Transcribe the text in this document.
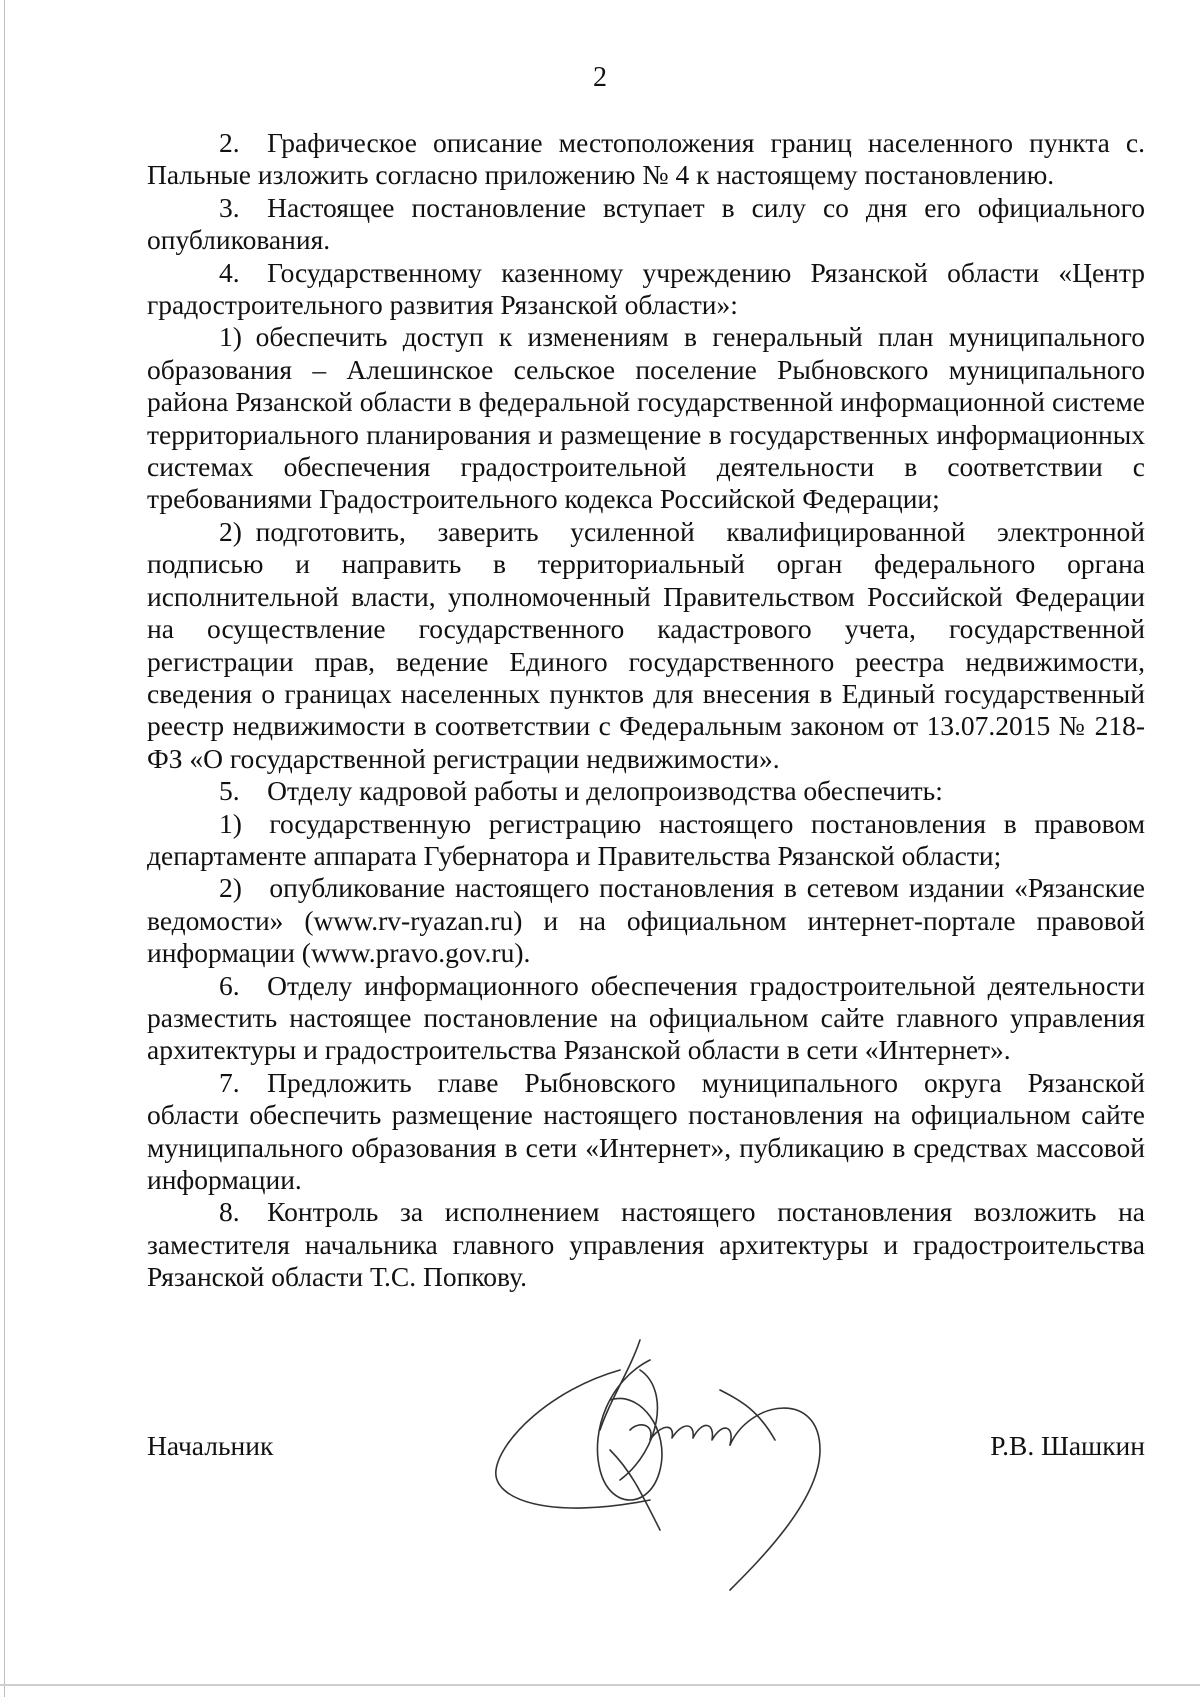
2

2. Графическое описание местоположения границ населенного пункта с. Пальные изложить согласно приложению № 4 к настоящему постановлению.

3. Настоящее постановление вступает в силу со дня его официального опубликования.

4. Государственному казенному учреждению Рязанской области «Центр градостроительного развития Рязанской области»:

1) обеспечить доступ к изменениям в генеральный план муниципального образования – Алешинское сельское поселение Рыбновского муниципального района Рязанской области в федеральной государственной информационной системе территориального планирования и размещение в государственных информационных системах обеспечения градостроительной деятельности в соответствии с требованиями Градостроительного кодекса Российской Федерации;

2) подготовить, заверить усиленной квалифицированной электронной подписью и направить в территориальный орган федерального органа исполнительной власти, уполномоченный Правительством Российской Федерации на осуществление государственного кадастрового учета, государственной регистрации прав, ведение Единого государственного реестра недвижимости, сведения о границах населенных пунктов для внесения в Единый государственный реестр недвижимости в соответствии с Федеральным законом от 13.07.2015 № 218-ФЗ «О государственной регистрации недвижимости».

5. Отделу кадровой работы и делопроизводства обеспечить:

1) государственную регистрацию настоящего постановления в правовом департаменте аппарата Губернатора и Правительства Рязанской области;

2) опубликование настоящего постановления в сетевом издании «Рязанские ведомости» (www.rv-ryazan.ru) и на официальном интернет-портале правовой информации (www.pravo.gov.ru).

6. Отделу информационного обеспечения градостроительной деятельности разместить настоящее постановление на официальном сайте главного управления архитектуры и градостроительства Рязанской области в сети «Интернет».

7. Предложить главе Рыбновского муниципального округа Рязанской области обеспечить размещение настоящего постановления на официальном сайте муниципального образования в сети «Интернет», публикацию в средствах массовой информации.

8. Контроль за исполнением настоящего постановления возложить на заместителя начальника главного управления архитектуры и градостроительства Рязанской области Т.С. Попкову.

Начальник	Р.В. Шашкин
